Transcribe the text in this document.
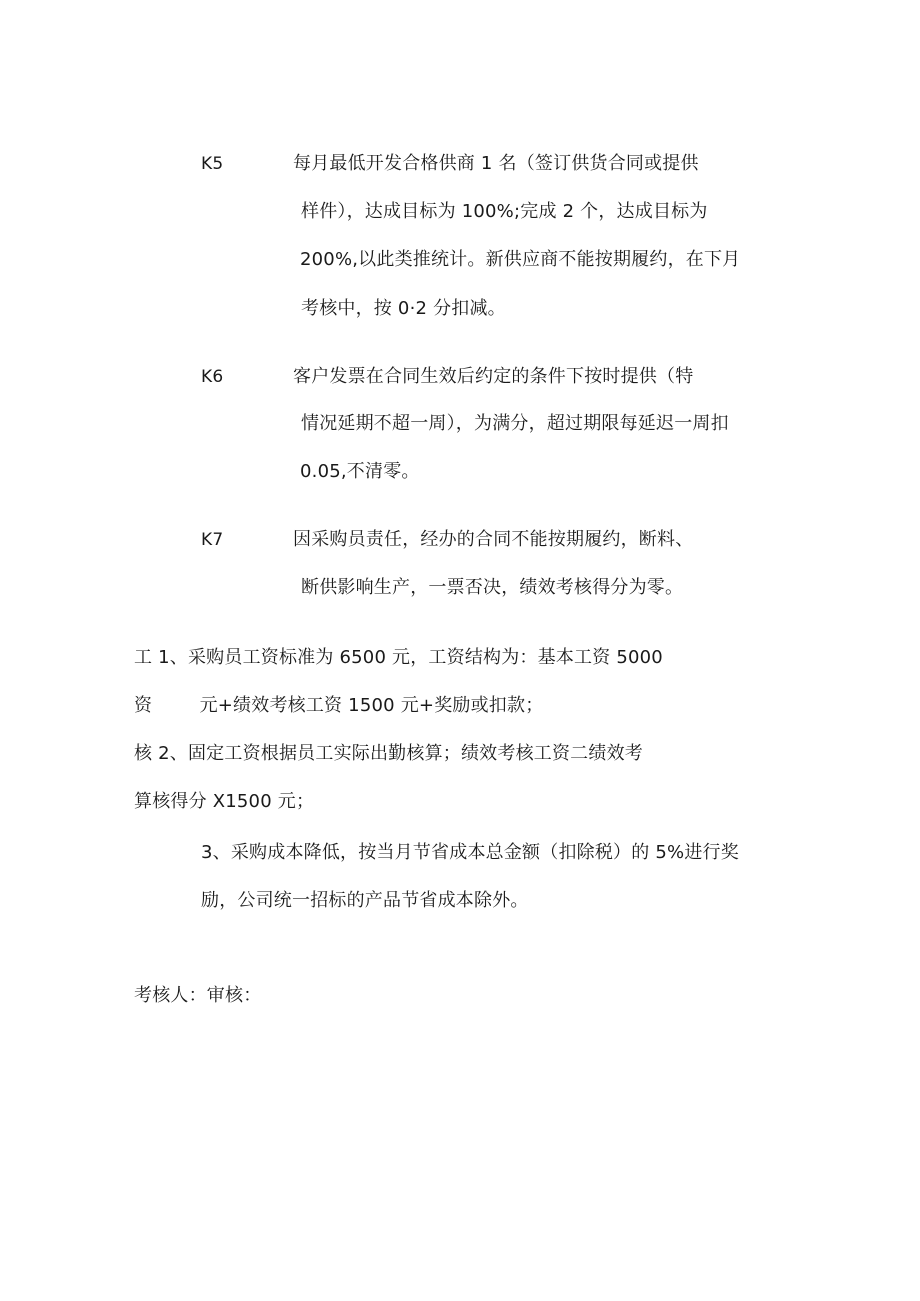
K5	每月最低开发合格供商 1 名（签订供货合同或提供
样件），达成目标为 100%;完成 2 个，达成目标为
200%,以此类推统计。新供应商不能按期履约，在下月
考核中，按 0·2 分扣减。
K6	客户发票在合同生效后约定的条件下按时提供（特
情况延期不超一周），为满分，超过期限每延迟一周扣
0.05,不清零。
K7	因采购员责任，经办的合同不能按期履约，断料、
断供影响生产，一票否决，绩效考核得分为零。
工 1、采购员工资标准为 6500 元，工资结构为：基本工资 5000
资        元+绩效考核工资 1500 元+奖励或扣款；
核 2、固定工资根据员工实际出勤核算；绩效考核工资二绩效考
算核得分 X1500 元；
3、采购成本降低，按当月节省成本总金额（扣除税）的 5%进行奖
励，公司统一招标的产品节省成本除外。
考核人：审核：
